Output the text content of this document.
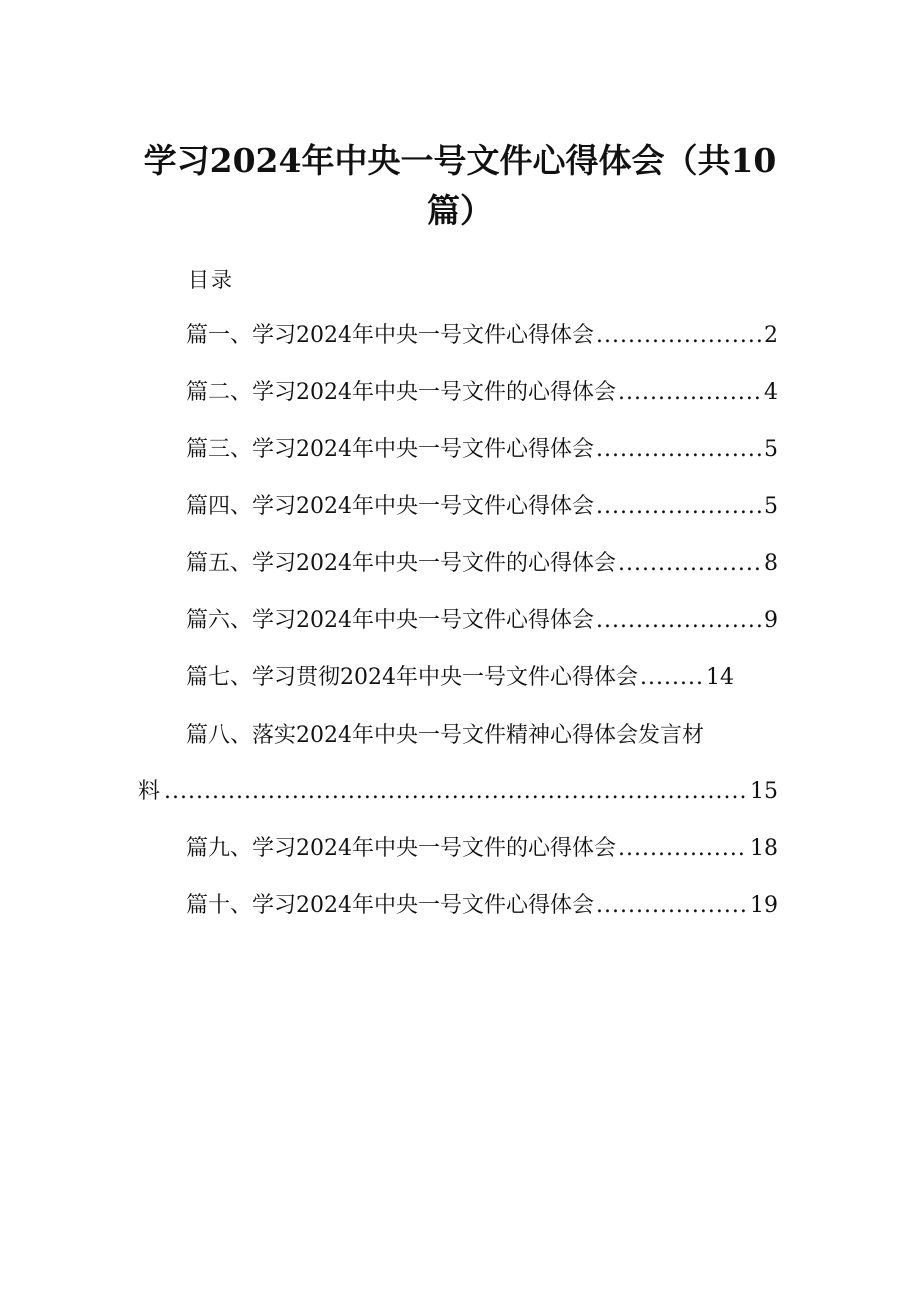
学习2024年中央一号文件心得体会（共10
篇）
目录
篇一、学习2024年中央一号文件心得体会 .....	2
篇二、学习2024年中央一号文件的心得体会 .....	4
篇三、学习2024年中央一号文件心得体会 .....	5
篇四、学习2024年中央一号文件心得体会 .....	5
篇五、学习2024年中央一号文件的心得体会 .....	8
篇六、学习2024年中央一号文件心得体会 .....	9
篇七、学习贯彻2024年中央一号文件心得体会 .....	14
篇八、落实2024年中央一号文件精神心得体会发言材
料 .....	15
篇九、学习2024年中央一号文件的心得体会 .....	18
篇十、学习2024年中央一号文件心得体会 .....	19
